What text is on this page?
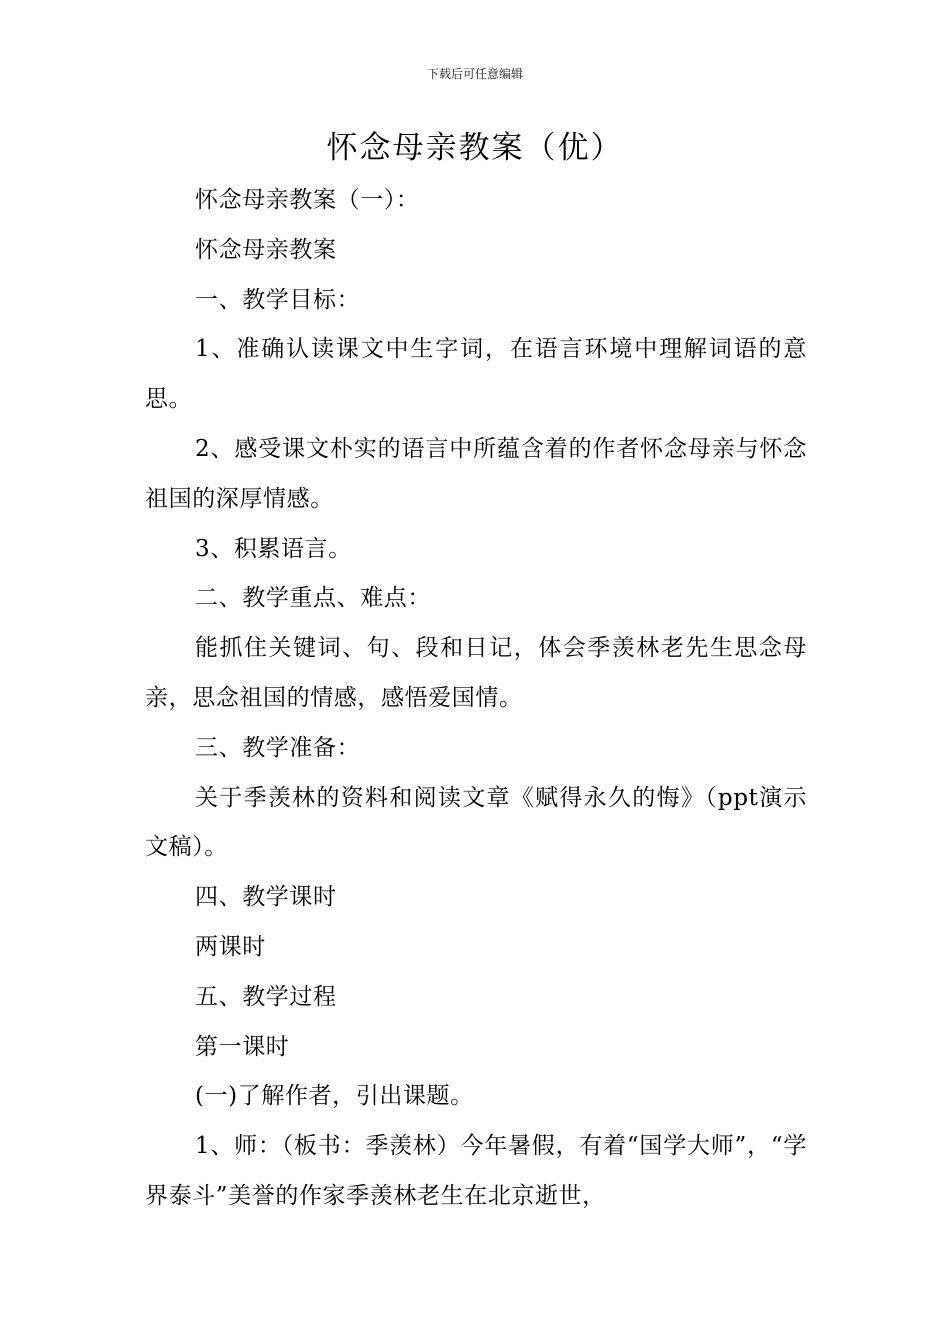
下载后可任意编辑
怀念母亲教案（优）

怀念母亲教案（一）：

怀念母亲教案

一、教学目标：

1、准确认读课文中生字词，在语言环境中理解词语的意思。

2、感受课文朴实的语言中所蕴含着的作者怀念母亲与怀念祖国的深厚情感。

3、积累语言。

二、教学重点、难点：

能抓住关键词、句、段和日记，体会季羡林老先生思念母亲，思念祖国的情感，感悟爱国情。

三、教学准备：

关于季羡林的资料和阅读文章《赋得永久的悔》（ppt演示文稿）。

四、教学课时

两课时

五、教学过程

第一课时

(一)了解作者，引出课题。

1、师：（板书：季羡林）今年暑假，有着“国学大师”，“学界泰斗”美誉的作家季羡林老生在北京逝世，
